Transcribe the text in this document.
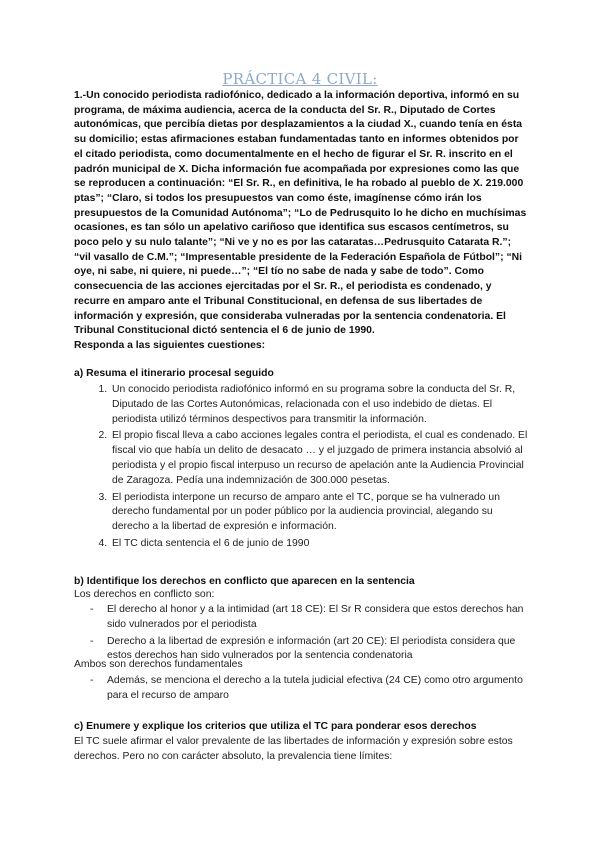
PRÁCTICA 4 CIVIL:

1.-Un conocido periodista radiofónico, dedicado a la información deportiva, informó en su programa, de máxima audiencia, acerca de la conducta del Sr. R., Diputado de Cortes autonómicas, que percibía dietas por desplazamientos a la ciudad X., cuando tenía en ésta su domicilio; estas afirmaciones estaban fundamentadas tanto en informes obtenidos por el citado periodista, como documentalmente en el hecho de figurar el Sr. R. inscrito en el padrón municipal de X. Dicha información fue acompañada por expresiones como las que se reproducen a continuación: “El Sr. R., en definitiva, le ha robado al pueblo de X. 219.000 ptas”; “Claro, si todos los presupuestos van como éste, imagínense cómo irán los presupuestos de la Comunidad Autónoma”; “Lo de Pedrusquito lo he dicho en muchísimas ocasiones, es tan sólo un apelativo cariñoso que identifica sus escasos centímetros, su poco pelo y su nulo talante”; “Ni ve y no es por las cataratas…Pedrusquito Catarata R.”; “vil vasallo de C.M.”; “Impresentable presidente de la Federación Española de Fútbol”; “Ni oye, ni sabe, ni quiere, ni puede…”; “El tío no sabe de nada y sabe de todo”. Como consecuencia de las acciones ejercitadas por el Sr. R., el periodista es condenado, y recurre en amparo ante el Tribunal Constitucional, en defensa de sus libertades de información y expresión, que consideraba vulneradas por la sentencia condenatoria. El Tribunal Constitucional dictó sentencia el 6 de junio de 1990.

Responda a las siguientes cuestiones:

a) Resuma el itinerario procesal seguido
1. Un conocido periodista radiofónico informó en su programa sobre la conducta del Sr. R, Diputado de las Cortes Autonómicas, relacionada con el uso indebido de dietas. El periodista utilizó términos despectivos para transmitir la información.
2. El propio fiscal lleva a cabo acciones legales contra el periodista, el cual es condenado. El fiscal vio que había un delito de desacato … y el juzgado de primera instancia absolvió al periodista y el propio fiscal interpuso un recurso de apelación ante la Audiencia Provincial de Zaragoza. Pedía una indemnización de 300.000 pesetas.
3. El periodista interpone un recurso de amparo ante el TC, porque se ha vulnerado un derecho fundamental por un poder público por la audiencia provincial, alegando su derecho a la libertad de expresión e información.
4. El TC dicta sentencia el 6 de junio de 1990
b) Identifique los derechos en conflicto que aparecen en la sentencia

Los derechos en conflicto son:

- El derecho al honor y a la intimidad (art 18 CE): El Sr R considera que estos derechos han sido vulnerados por el periodista
- Derecho a la libertad de expresión e información (art 20 CE): El periodista considera que estos derechos han sido vulnerados por la sentencia condenatoria

Ambos son derechos fundamentales

- Además, se menciona el derecho a la tutela judicial efectiva (24 CE) como otro argumento para el recurso de amparo
c) Enumere y explique los criterios que utiliza el TC para ponderar esos derechos

El TC suele afirmar el valor prevalente de las libertades de información y expresión sobre estos derechos. Pero no con carácter absoluto, la prevalencia tiene límites:
